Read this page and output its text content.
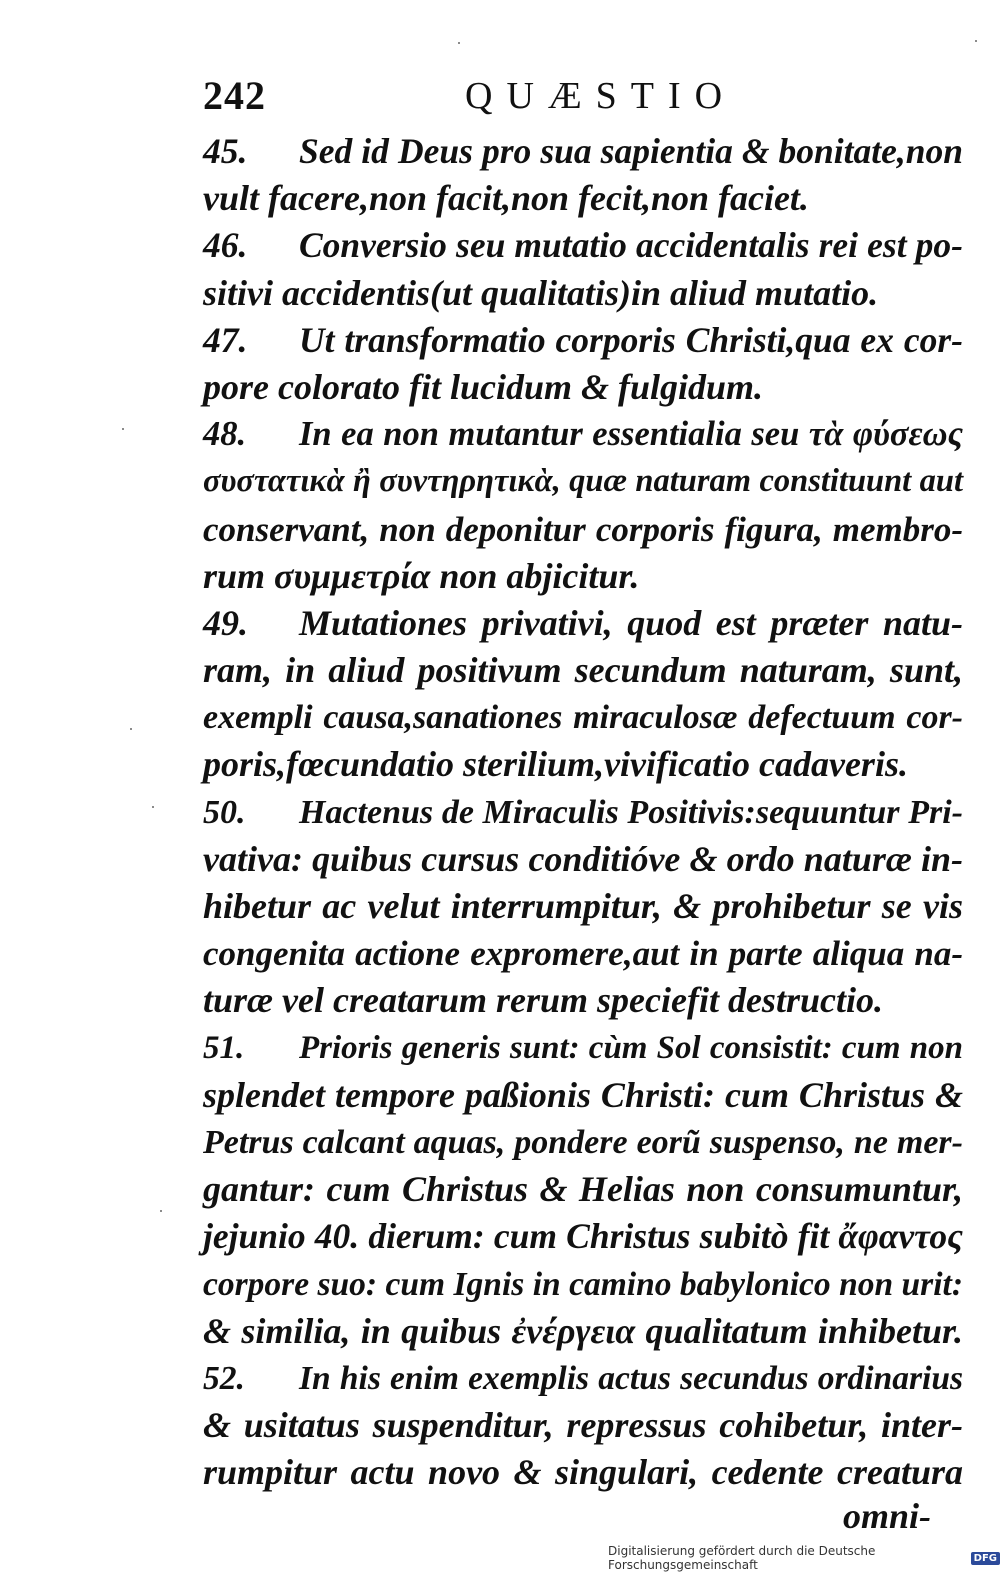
242	QUÆSTIO
45. Sed id Deus pro sua sapientia & bonitate,non
vult facere,non facit,non fecit,non faciet.
46. Conversio seu mutatio accidentalis rei est po-
sitivi accidentis(ut qualitatis)in aliud mutatio.
47. Ut transformatio corporis Christi,qua ex cor-
pore colorato fit lucidum & fulgidum.
48. In ea non mutantur essentialia seu τὰ φύσεως
συστατικὰ ἢ συντηρητικὰ, quæ naturam constituunt aut
conservant, non deponitur corporis figura, membro-
rum συμμετρία non abjicitur.
49. Mutationes privativi, quod est præter natu-
ram, in aliud positivum secundum naturam, sunt,
exempli causa,sanationes miraculosæ defectuum cor-
poris,fœcundatio sterilium,vivificatio cadaveris.
50. Hactenus de Miraculis Positivis:sequuntur Pri-
vativa: quibus cursus conditióve & ordo naturæ in-
hibetur ac velut interrumpitur, & prohibetur se vis
congenita actione expromere,aut in parte aliqua na-
turæ vel creatarum rerum speciefit destructio.
51. Prioris generis sunt: cùm Sol consistit: cum non
splendet tempore paßionis Christi: cum Christus &
Petrus calcant aquas, pondere eorũ suspenso, ne mer-
gantur: cum Christus & Helias non consumuntur,
jejunio 40. dierum: cum Christus subitò fit ἄφαντος
corpore suo: cum Ignis in camino babylonico non urit:
& similia, in quibus ἐνέργεια qualitatum inhibetur.
52. In his enim exemplis actus secundus ordinarius
& usitatus suspenditur, repressus cohibetur, inter-
rumpitur actu novo & singulari, cedente creatura
omni-
Digitalisierung gefördert durch die Deutsche Forschungsgemeinschaft	DFG
